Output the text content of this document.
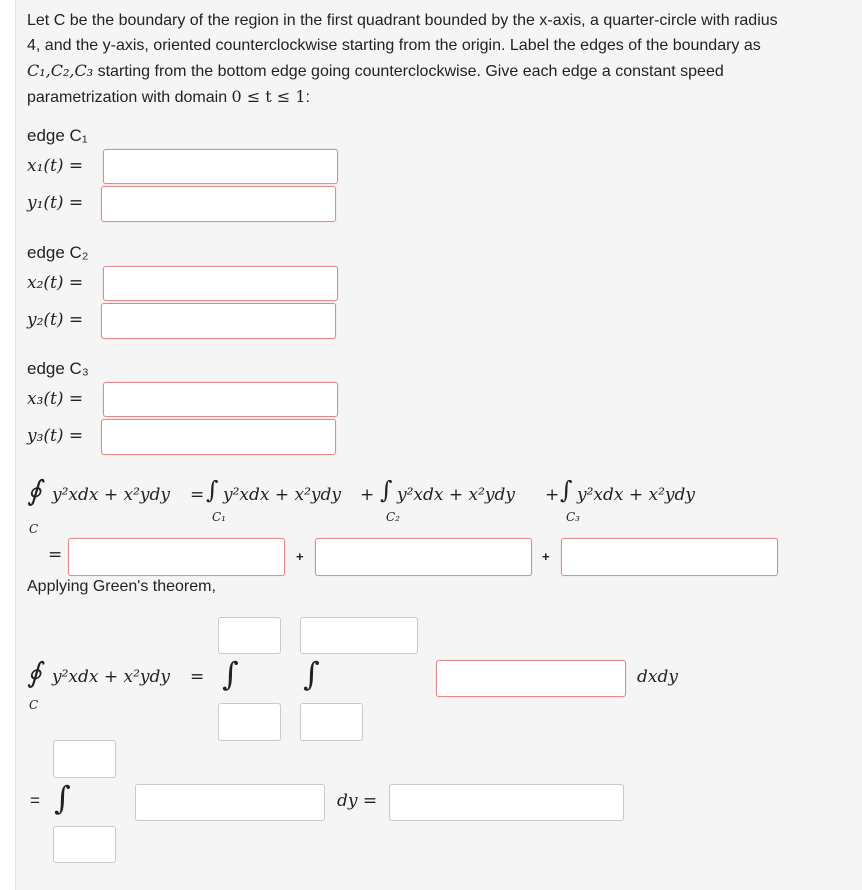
Let C be the boundary of the region in the first quadrant bounded by the x-axis, a quarter-circle with radius
4, and the y-axis, oriented counterclockwise starting from the origin. Label the edges of the boundary as
C₁,C₂,C₃ starting from the bottom edge going counterclockwise. Give each edge a constant speed
parametrization with domain 0 ≤ t ≤ 1:
edge C₁
x₁(t) =
y₁(t) =
edge C₂
x₂(t) =
y₂(t) =
edge C₃
x₃(t) =
y₃(t) =
∮
C
y²xdx + x²ydy = ∫
C₁
y²xdx + x²ydy + ∫
C₂
y²xdx + x²ydy + ∫
C₃
y²xdx + x²ydy
=	+	+
Applying Green's theorem,
∮
C
y²xdx + x²ydy = ∫ ∫	dxdy
= ∫	dy =
